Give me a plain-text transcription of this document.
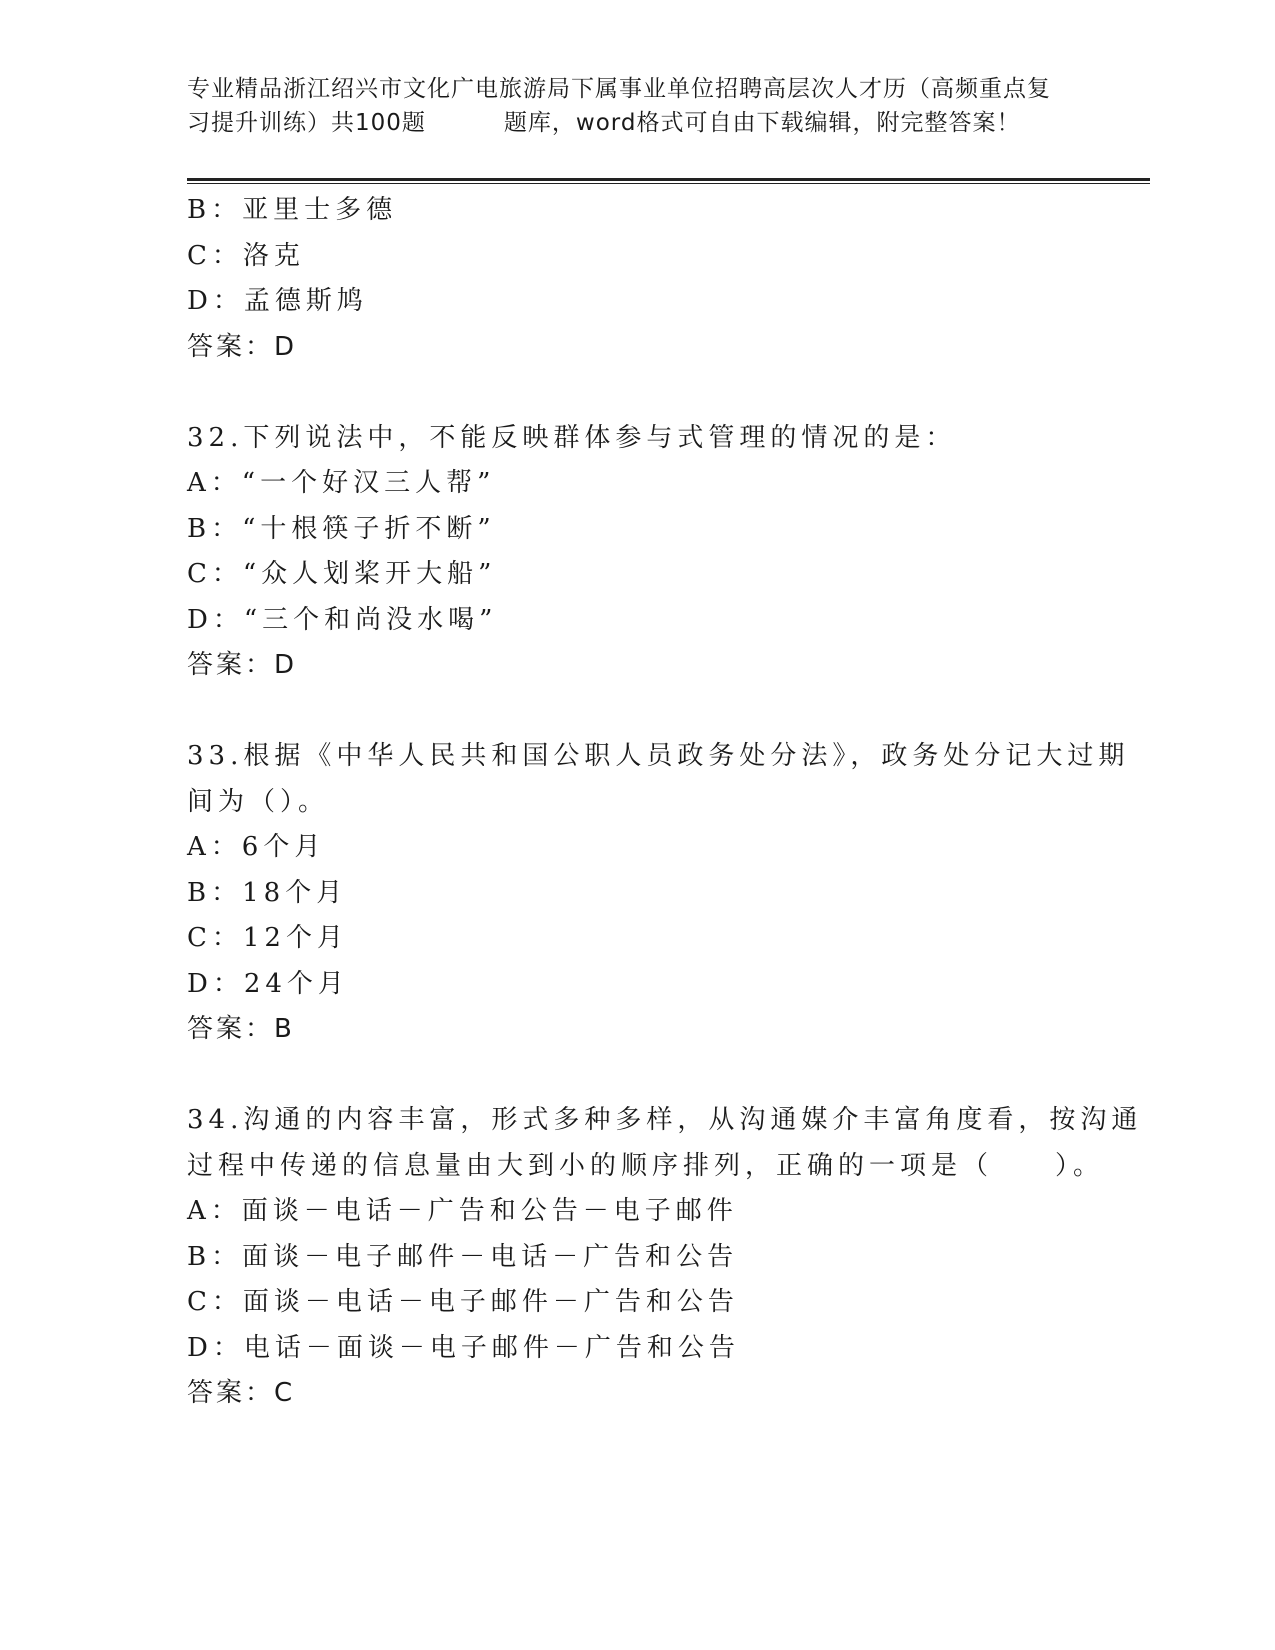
专业精品浙江绍兴市文化广电旅游局下属事业单位招聘高层次人才历（高频重点复
习提升训练）共100题	题库，word格式可自由下载编辑，附完整答案！
B：亚里士多德
C：洛克
D：孟德斯鸠
答案：D
32.下列说法中，不能反映群体参与式管理的情况的是：
A：“一个好汉三人帮”
B：“十根筷子折不断”
C：“众人划桨开大船”
D：“三个和尚没水喝”
答案：D
33.根据《中华人民共和国公职人员政务处分法》，政务处分记大过期
间为（）。
A：6个月
B：18个月
C：12个月
D：24个月
答案：B
34.沟通的内容丰富，形式多种多样，从沟通媒介丰富角度看，按沟通
过程中传递的信息量由大到小的顺序排列，正确的一项是（　　）。
A：面谈－电话－广告和公告－电子邮件
B：面谈－电子邮件－电话－广告和公告
C：面谈－电话－电子邮件－广告和公告
D：电话－面谈－电子邮件－广告和公告
答案：C
